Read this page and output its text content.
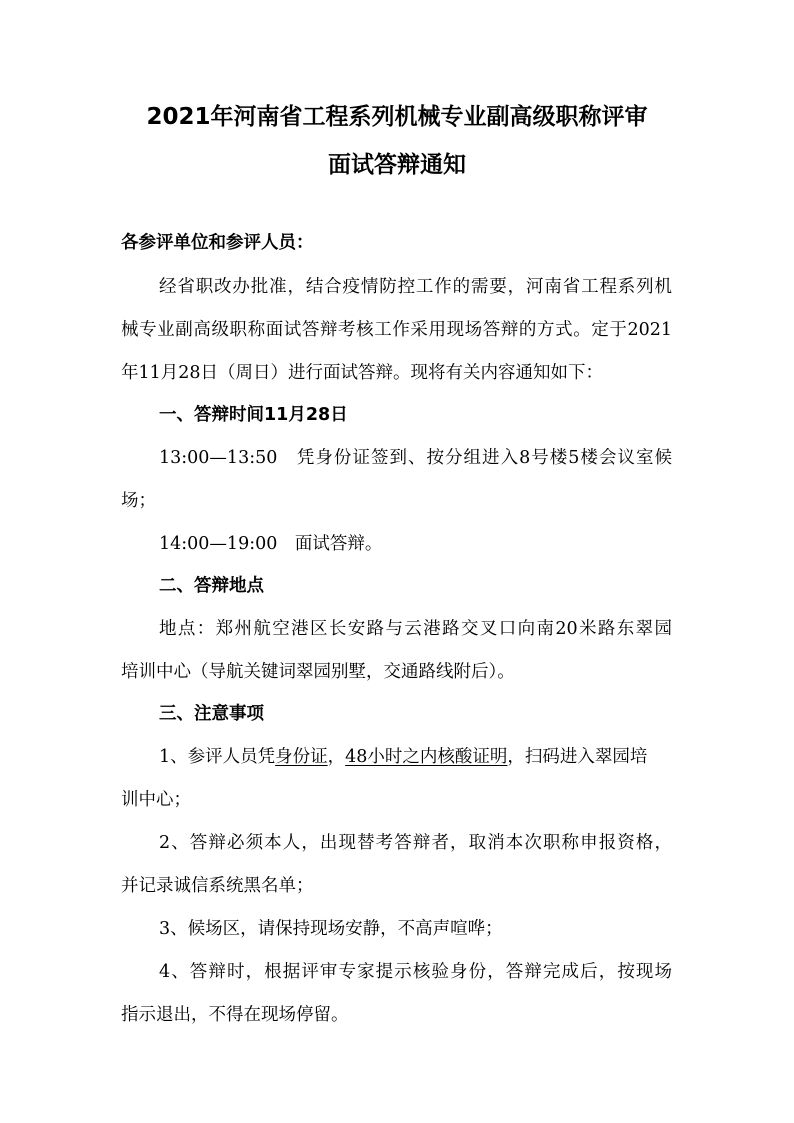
2021年河南省工程系列机械专业副高级职称评审
面试答辩通知
各参评单位和参评人员：
经省职改办批准，结合疫情防控工作的需要，河南省工程系列机
械专业副高级职称面试答辩考核工作采用现场答辩的方式。定于2021
年11月28日（周日）进行面试答辩。现将有关内容通知如下：
一、答辩时间11月28日
13:00—13:50　凭身份证签到、按分组进入8号楼5楼会议室候
场；
14:00—19:00　面试答辩。
二、答辩地点
地点：郑州航空港区长安路与云港路交叉口向南20米路东翠园
培训中心（导航关键词翠园别墅，交通路线附后）。
三、注意事项
1、参评人员凭身份证，48小时之内核酸证明，扫码进入翠园培
训中心；
2、答辩必须本人，出现替考答辩者，取消本次职称申报资格，
并记录诚信系统黑名单；
3、候场区，请保持现场安静，不高声喧哗；
4、答辩时，根据评审专家提示核验身份，答辩完成后，按现场
指示退出，不得在现场停留。
